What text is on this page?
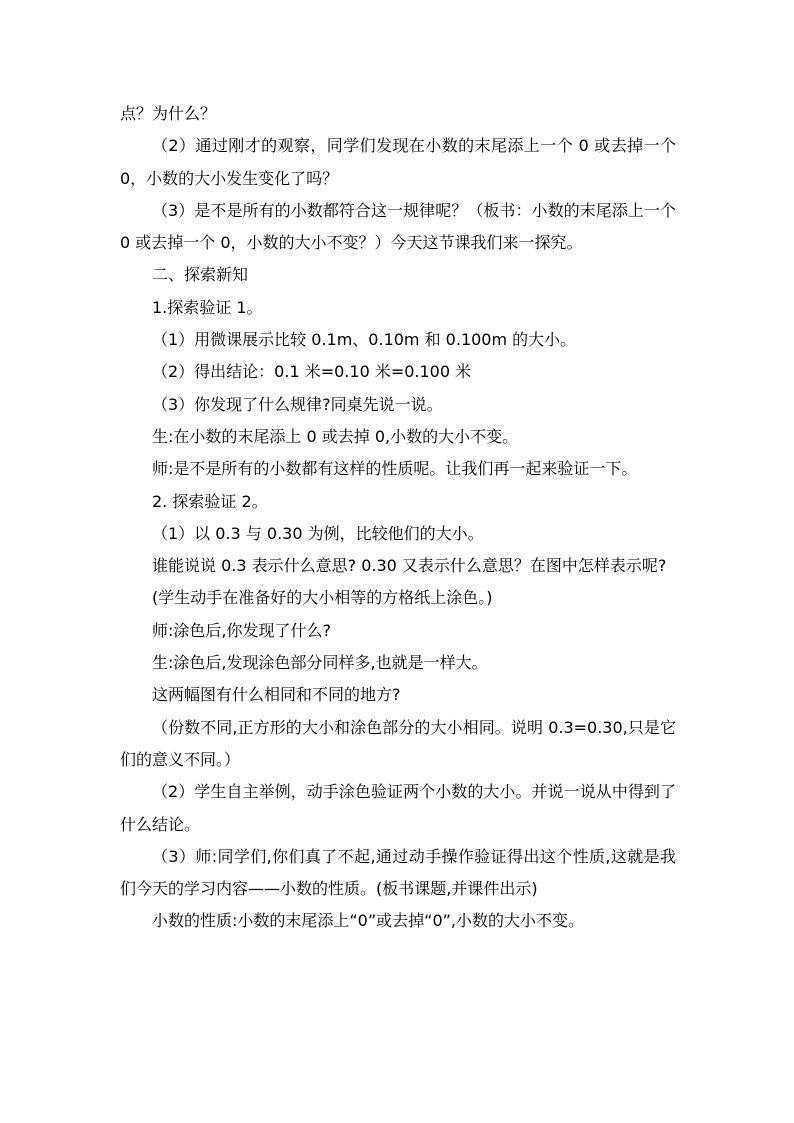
点？为什么？

（2）通过刚才的观察，同学们发现在小数的末尾添上一个 0 或去掉一个 0，小数的大小发生变化了吗？

（3）是不是所有的小数都符合这一规律呢？（板书：小数的末尾添上一个 0 或去掉一个 0，小数的大小不变？）今天这节课我们来一探究。

二、探索新知

1.探索验证 1。

（1）用微课展示比较 0.1m、0.10m 和 0.100m 的大小。

（2）得出结论：0.1 米=0.10 米=0.100 米

（3）你发现了什么规律?同桌先说一说。

生:在小数的末尾添上 0 或去掉 0,小数的大小不变。

师:是不是所有的小数都有这样的性质呢。让我们再一起来验证一下。

2. 探索验证 2。

（1）以 0.3 与 0.30 为例，比较他们的大小。

谁能说说 0.3 表示什么意思? 0.30 又表示什么意思？在图中怎样表示呢?

(学生动手在准备好的大小相等的方格纸上涂色。)

师:涂色后,你发现了什么?

生:涂色后,发现涂色部分同样多,也就是一样大。

这两幅图有什么相同和不同的地方?

（份数不同,正方形的大小和涂色部分的大小相同。说明 0.3=0.30,只是它们的意义不同。）

（2）学生自主举例，动手涂色验证两个小数的大小。并说一说从中得到了什么结论。

（3）师:同学们,你们真了不起,通过动手操作验证得出这个性质,这就是我们今天的学习内容——小数的性质。(板书课题,并课件出示)

小数的性质:小数的末尾添上“0”或去掉“0”,小数的大小不变。
